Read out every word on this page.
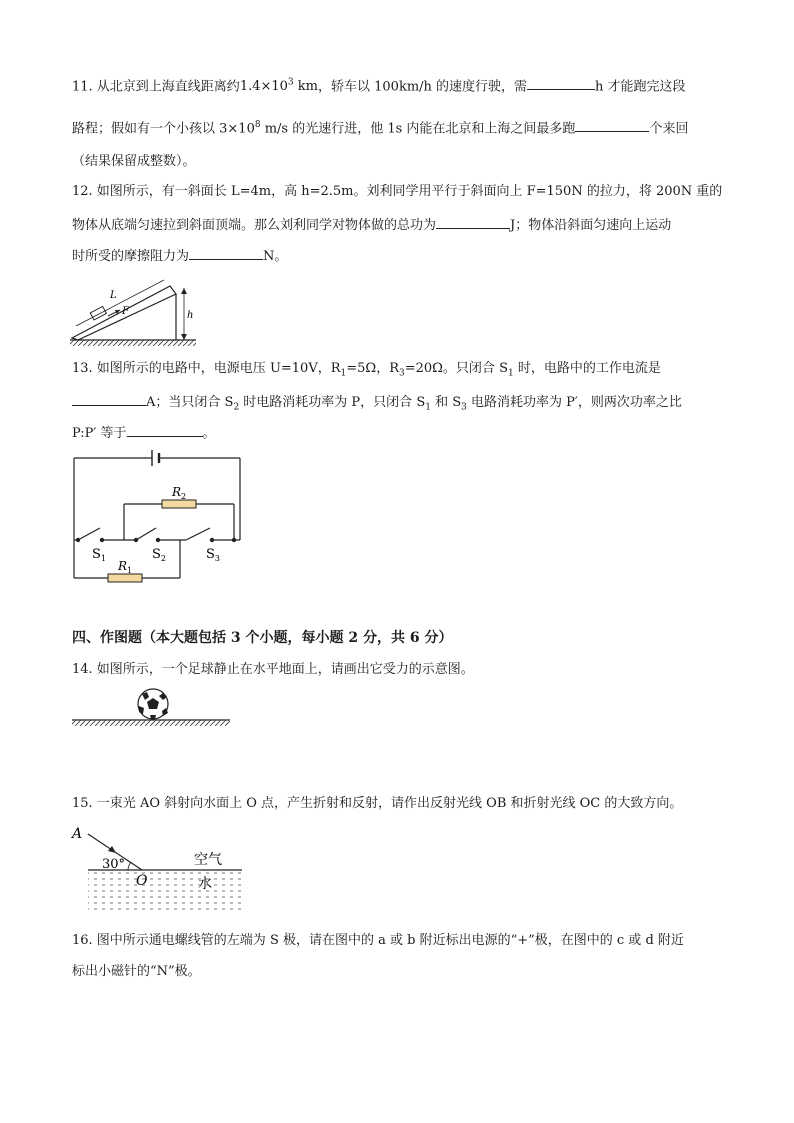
11. 从北京到上海直线距离约$1.4\times 10^3$ km，轿车以 100km/h 的速度行驶，需	h 才能跑完这段
路程；假如有一个小孩以 $3\times 10^8$ m/s 的光速行进，他 1s 内能在北京和上海之间最多跑	个来回
（结果保留成整数）。
12. 如图所示，有一斜面长 L=4m，高 h=2.5m。刘利同学用平行于斜面向上 F=150N 的拉力，将 200N 重的
物体从底端匀速拉到斜面顶端。那么刘利同学对物体做的总功为	J；物体沿斜面匀速向上运动
时所受的摩擦阻力为	N。
F
L
h
13. 如图所示的电路中，电源电压 U=10V，$R_1=5\Omega$，$R_3=20\Omega$。只闭合 $S_1$ 时，电路中的工作电流是
A；当只闭合 $S_2$ 时电路消耗功率为 P，只闭合 $S_1$ 和 $S_3$ 电路消耗功率为 P′，则两次功率之比
P:P′ 等于	。
$R_2$
$R_1$
$S_1$	$S_2$	$S_3$
四、作图题（本大题包括 3 个小题，每小题 2 分，共 6 分）
14. 如图所示，一个足球静止在水平地面上，请画出它受力的示意图。
15. 一束光 AO 斜射向水面上 O 点，产生折射和反射，请作出反射光线 OB 和折射光线 OC 的大致方向。
A
30°	空气
16. 图中所示通电螺线管的左端为 S 极，请在图中的 a 或 b 附近标出电源的“+”极，在图中的 c 或 d 附近
标出小磁针的“N”极。
